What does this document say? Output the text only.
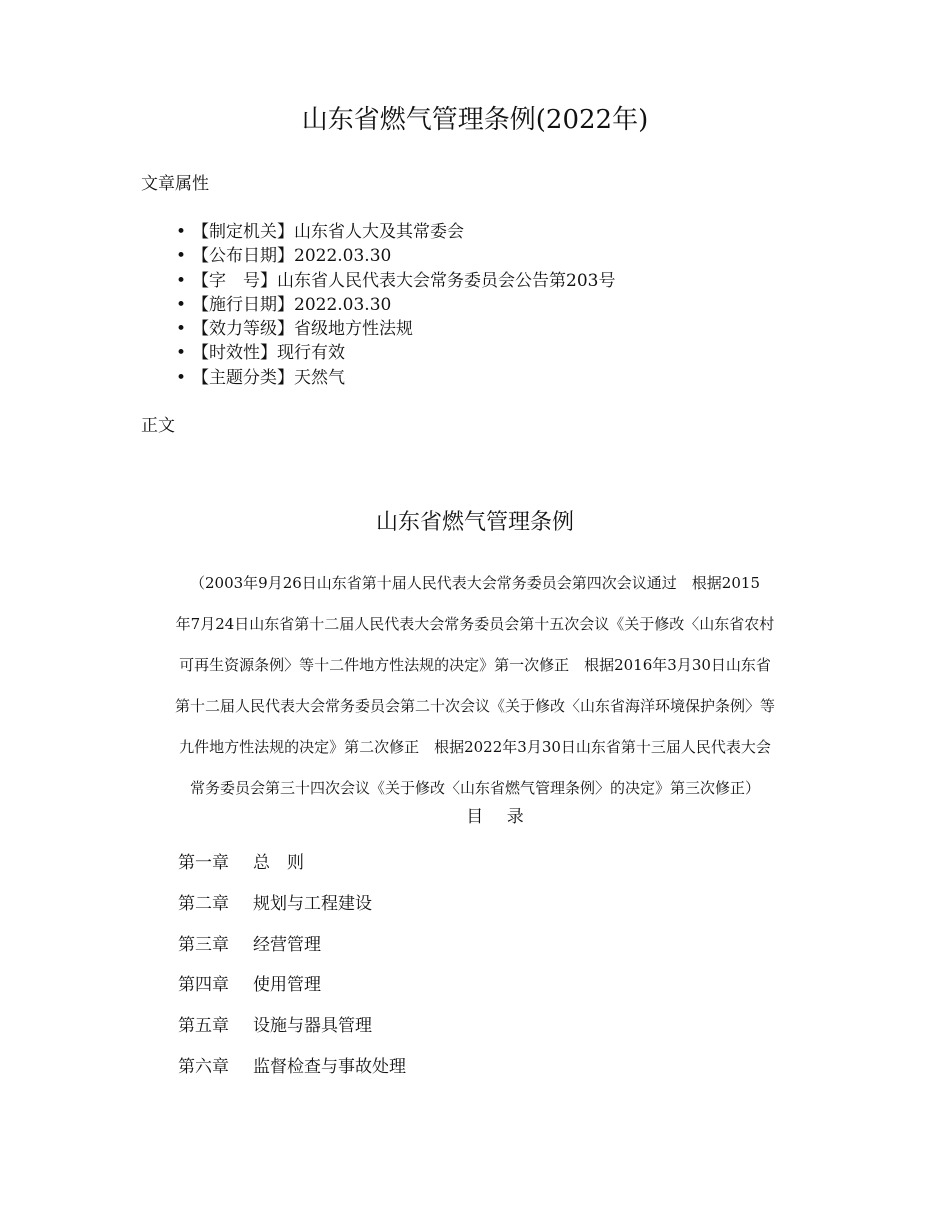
山东省燃气管理条例(2022年)

文章属性

• 【制定机关】山东省人大及其常委会
• 【公布日期】2022.03.30
• 【字　号】山东省人民代表大会常务委员会公告第203号
• 【施行日期】2022.03.30
• 【效力等级】省级地方性法规
• 【时效性】现行有效
• 【主题分类】天然气

正文

山东省燃气管理条例

（2003年9月26日山东省第十届人民代表大会常务委员会第四次会议通过　根据2015
年7月24日山东省第十二届人民代表大会常务委员会第十五次会议《关于修改〈山东省农村
可再生资源条例〉等十二件地方性法规的决定》第一次修正　根据2016年3月30日山东省
第十二届人民代表大会常务委员会第二十次会议《关于修改〈山东省海洋环境保护条例〉等
九件地方性法规的决定》第二次修正　根据2022年3月30日山东省第十三届人民代表大会
常务委员会第三十四次会议《关于修改〈山东省燃气管理条例〉的决定》第三次修正）

目 录
第一章 总　则
第二章 规划与工程建设
第三章 经营管理
第四章 使用管理
第五章 设施与器具管理
第六章 监督检查与事故处理
